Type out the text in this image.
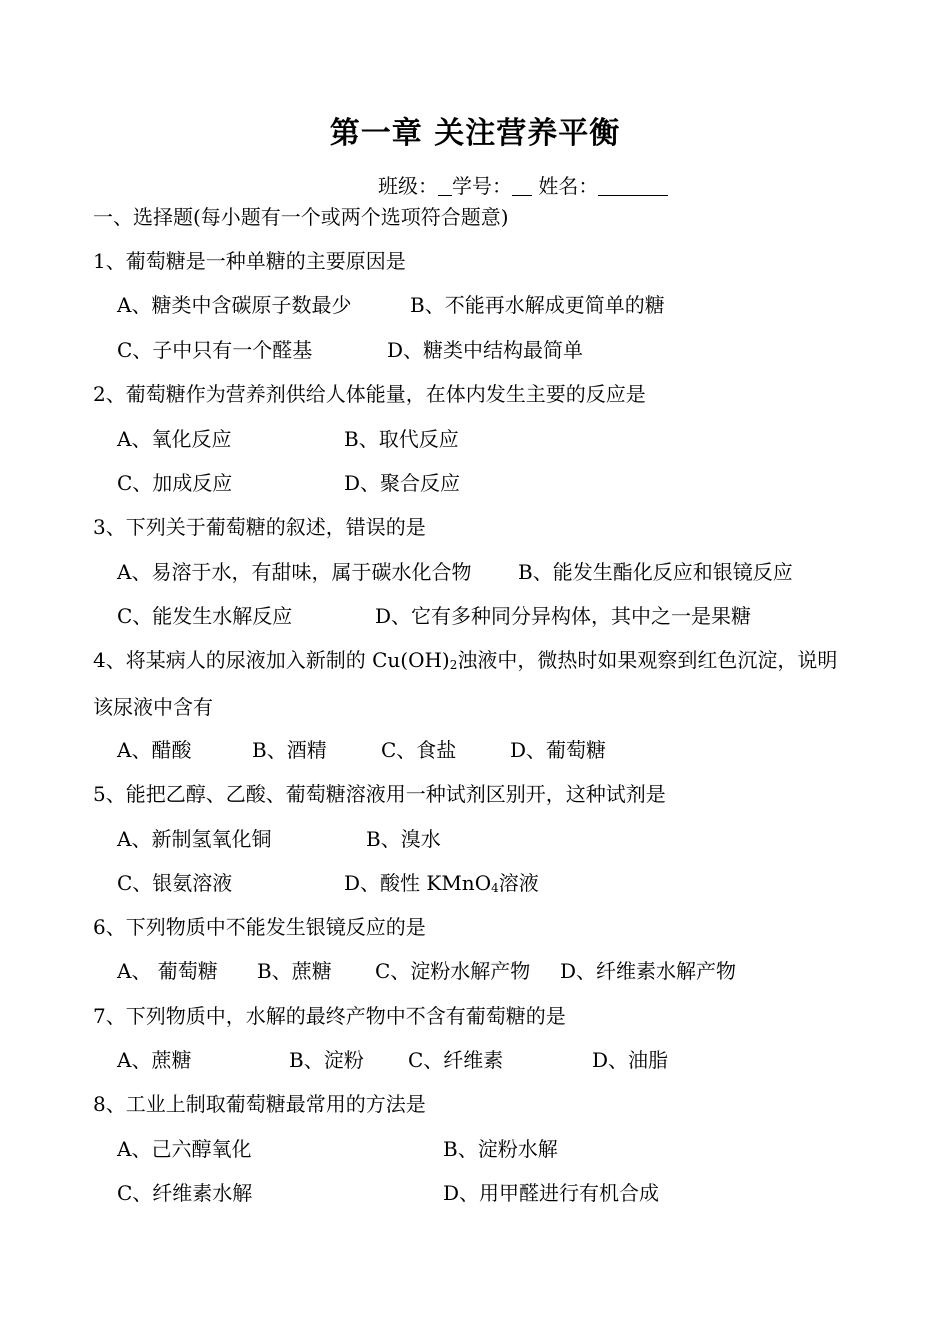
第一章 关注营养平衡
班级： 学号： 姓名：
一、选择题(每小题有一个或两个选项符合题意)
1、葡萄糖是一种单糖的主要原因是
A、糖类中含碳原子数最少	B、不能再水解成更简单的糖
C、子中只有一个醛基	D、糖类中结构最简单
2、葡萄糖作为营养剂供给人体能量，在体内发生主要的反应是
A、氧化反应	B、取代反应
C、加成反应	D、聚合反应
3、下列关于葡萄糖的叙述，错误的是
A、易溶于水，有甜味，属于碳水化合物 B、能发生酯化反应和银镜反应
C、能发生水解反应	D、它有多种同分异构体，其中之一是果糖
4、将某病人的尿液加入新制的 $Cu(OH)_2$浊液中，微热时如果观察到红色沉淀，说明
该尿液中含有
A、醋酸	B、酒精	C、食盐	D、葡萄糖
5、能把乙醇、乙酸、葡萄糖溶液用一种试剂区别开，这种试剂是
A、新制氢氧化铜	B、溴水
C、银氨溶液	D、酸性 KMnO$_4$溶液
6、下列物质中不能发生银镜反应的是
A、 葡萄糖 B、蔗糖 C、淀粉水解产物 D、纤维素水解产物
7、下列物质中，水解的最终产物中不含有葡萄糖的是
A、蔗糖	B、淀粉 C、纤维素	D、油脂
8、工业上制取葡萄糖最常用的方法是
A、己六醇氧化	B、淀粉水解
C、纤维素水解	D、用甲醛进行有机合成
